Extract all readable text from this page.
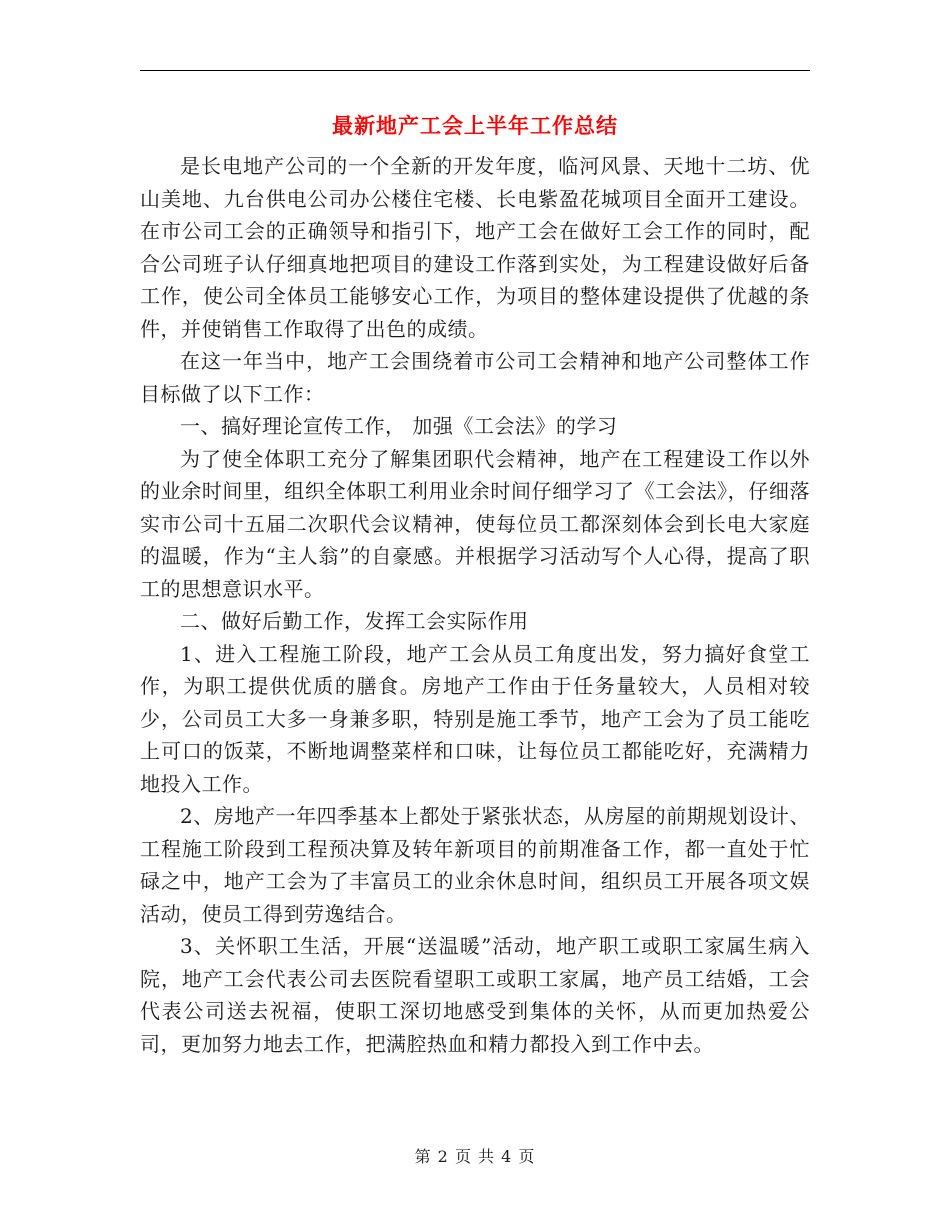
最新地产工会上半年工作总结

是长电地产公司的一个全新的开发年度，临河风景、天地十二坊、优山美地、九台供电公司办公楼住宅楼、长电紫盈花城项目全面开工建设。在市公司工会的正确领导和指引下，地产工会在做好工会工作的同时，配合公司班子认仔细真地把项目的建设工作落到实处，为工程建设做好后备工作，使公司全体员工能够安心工作，为项目的整体建设提供了优越的条件，并使销售工作取得了出色的成绩。

在这一年当中，地产工会围绕着市公司工会精神和地产公司整体工作目标做了以下工作：

一、搞好理论宣传工作， 加强《工会法》的学习

为了使全体职工充分了解集团职代会精神，地产在工程建设工作以外的业余时间里，组织全体职工利用业余时间仔细学习了《工会法》，仔细落实市公司十五届二次职代会议精神，使每位员工都深刻体会到长电大家庭的温暖，作为“主人翁”的自豪感。并根据学习活动写个人心得，提高了职工的思想意识水平。

二、做好后勤工作，发挥工会实际作用

1、进入工程施工阶段，地产工会从员工角度出发，努力搞好食堂工作，为职工提供优质的膳食。房地产工作由于任务量较大，人员相对较少，公司员工大多一身兼多职，特别是施工季节，地产工会为了员工能吃上可口的饭菜，不断地调整菜样和口味，让每位员工都能吃好，充满精力地投入工作。

2、房地产一年四季基本上都处于紧张状态，从房屋的前期规划设计、工程施工阶段到工程预决算及转年新项目的前期准备工作，都一直处于忙碌之中，地产工会为了丰富员工的业余休息时间，组织员工开展各项文娱活动，使员工得到劳逸结合。

3、关怀职工生活，开展“送温暖”活动，地产职工或职工家属生病入院，地产工会代表公司去医院看望职工或职工家属，地产员工结婚，工会代表公司送去祝福，使职工深切地感受到集体的关怀，从而更加热爱公司，更加努力地去工作，把满腔热血和精力都投入到工作中去。

第 2 页 共 4 页
